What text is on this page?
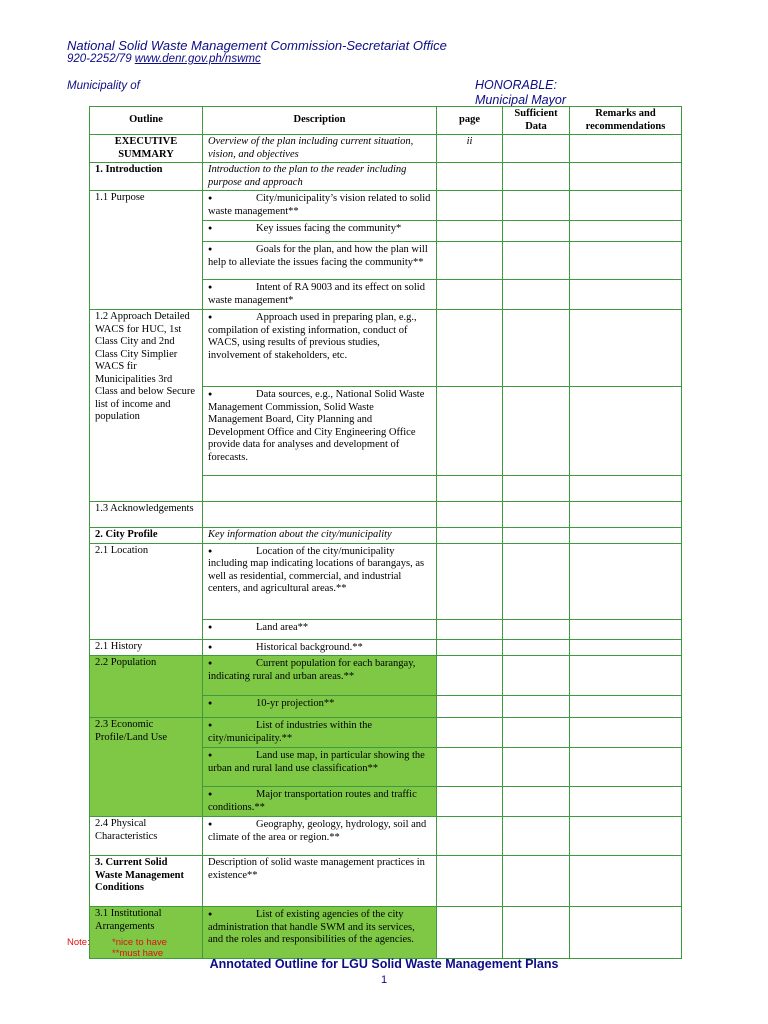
National Solid Waste Management Commission-Secretariat Office
920-2252/79 www.denr.gov.ph/nswmc
Municipality of	HONORABLE:
Municipal Mayor
Outline	Description	page	Sufficient Data	Remarks and recommendations
EXECUTIVE SUMMARY	Overview of the plan including current situation, vision, and objectives	ii		
1. Introduction	Introduction to the plan to the reader including purpose and approach			
1.1 Purpose	● City/municipality’s vision related to solid waste management**			
	● Key issues facing the community*			
	● Goals for the plan, and how the plan will help to alleviate the issues facing the community**			
	● Intent of RA 9003 and its effect on solid waste management*			
1.2 Approach Detailed WACS for HUC, 1st Class City and 2nd Class City Simplier WACS fir Municipalities 3rd Class and below Secure list of income and population	● Approach used in preparing plan, e.g., compilation of existing information, conduct of WACS, using results of previous studies, involvement of stakeholders, etc.			
	● Data sources, e.g., National Solid Waste Management Commission, Solid Waste Management Board, City Planning and Development Office and City Engineering Office provide data for analyses and development of forecasts.			

1.3 Acknowledgements				
2. City Profile	Key information about the city/municipality			
2.1 Location	● Location of the city/municipality including map indicating locations of barangays, as well as residential, commercial, and industrial centers, and agricultural areas.**			
	● Land area**			
2.1 History	● Historical background.**			
2.2 Population	● Current population for each barangay, indicating rural and urban areas.**			
	● 10-yr projection**			
2.3 Economic Profile/Land Use	● List of industries within the city/municipality.**			
	● Land use map, in particular showing the urban and rural land use classification**			
	● Major transportation routes and traffic conditions.**			
2.4 Physical Characteristics	● Geography, geology, hydrology, soil and climate of the area or region.**			
3. Current Solid Waste Management Conditions	Description of solid waste management practices in existence**			
3.1 Institutional Arrangements	● List of existing agencies of the city administration that handle SWM and its services, and the roles and responsibilities of the agencies.			
Note: *nice to have
**must have
Annotated Outline for LGU Solid Waste Management Plans
1
